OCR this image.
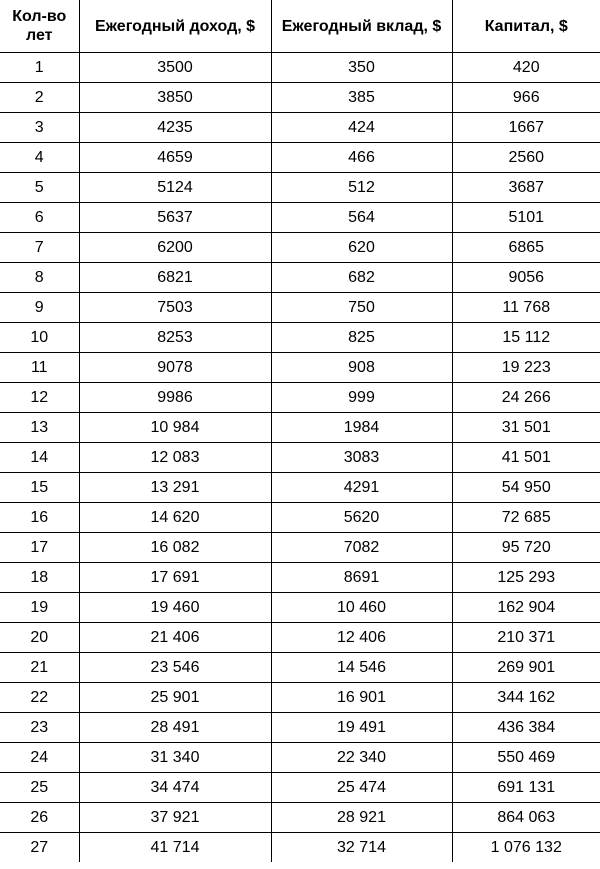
Кол-во лет	Ежегодный доход, $	Ежегодный вклад, $	Капитал, $
1	3500	350	420
2	3850	385	966
3	4235	424	1667
4	4659	466	2560
5	5124	512	3687
6	5637	564	5101
7	6200	620	6865
8	6821	682	9056
9	7503	750	11 768
10	8253	825	15 112
11	9078	908	19 223
12	9986	999	24 266
13	10 984	1984	31 501
14	12 083	3083	41 501
15	13 291	4291	54 950
16	14 620	5620	72 685
17	16 082	7082	95 720
18	17 691	8691	125 293
19	19 460	10 460	162 904
20	21 406	12 406	210 371
21	23 546	14 546	269 901
22	25 901	16 901	344 162
23	28 491	19 491	436 384
24	31 340	22 340	550 469
25	34 474	25 474	691 131
26	37 921	28 921	864 063
27	41 714	32 714	1 076 132
